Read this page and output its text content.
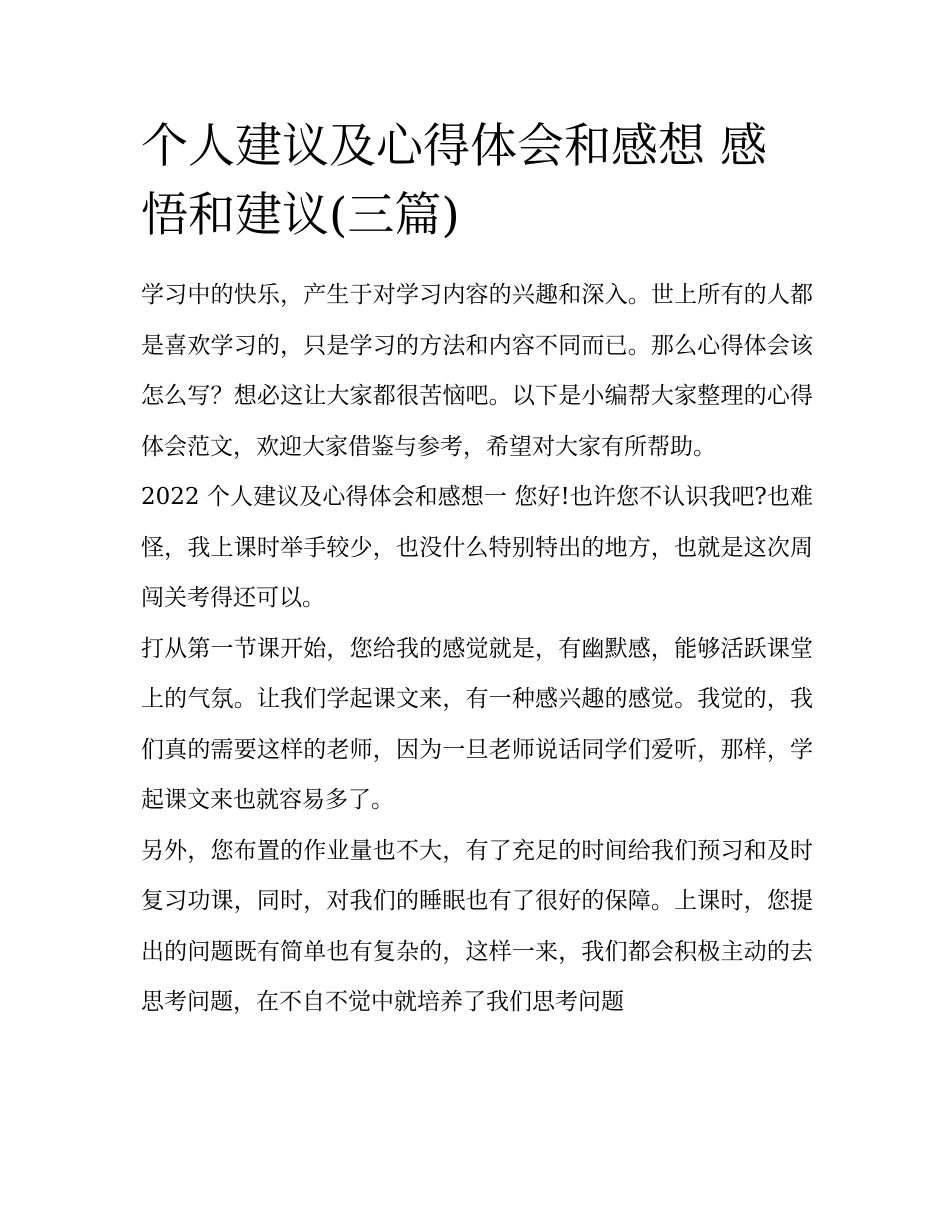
个人建议及心得体会和感想 感悟和建议(三篇)

学习中的快乐，产生于对学习内容的兴趣和深入。世上所有的人都是喜欢学习的，只是学习的方法和内容不同而已。那么心得体会该怎么写？想必这让大家都很苦恼吧。以下是小编帮大家整理的心得体会范文，欢迎大家借鉴与参考，希望对大家有所帮助。

2022 个人建议及心得体会和感想一 您好!也许您不认识我吧?也难怪，我上课时举手较少，也没什么特别特出的地方，也就是这次周闯关考得还可以。

打从第一节课开始，您给我的感觉就是，有幽默感，能够活跃课堂上的气氛。让我们学起课文来，有一种感兴趣的感觉。我觉的，我们真的需要这样的老师，因为一旦老师说话同学们爱听，那样，学起课文来也就容易多了。

另外，您布置的作业量也不大，有了充足的时间给我们预习和及时复习功课，同时，对我们的睡眠也有了很好的保障。上课时，您提出的问题既有简单也有复杂的，这样一来，我们都会积极主动的去思考问题，在不自不觉中就培养了我们思考问题
